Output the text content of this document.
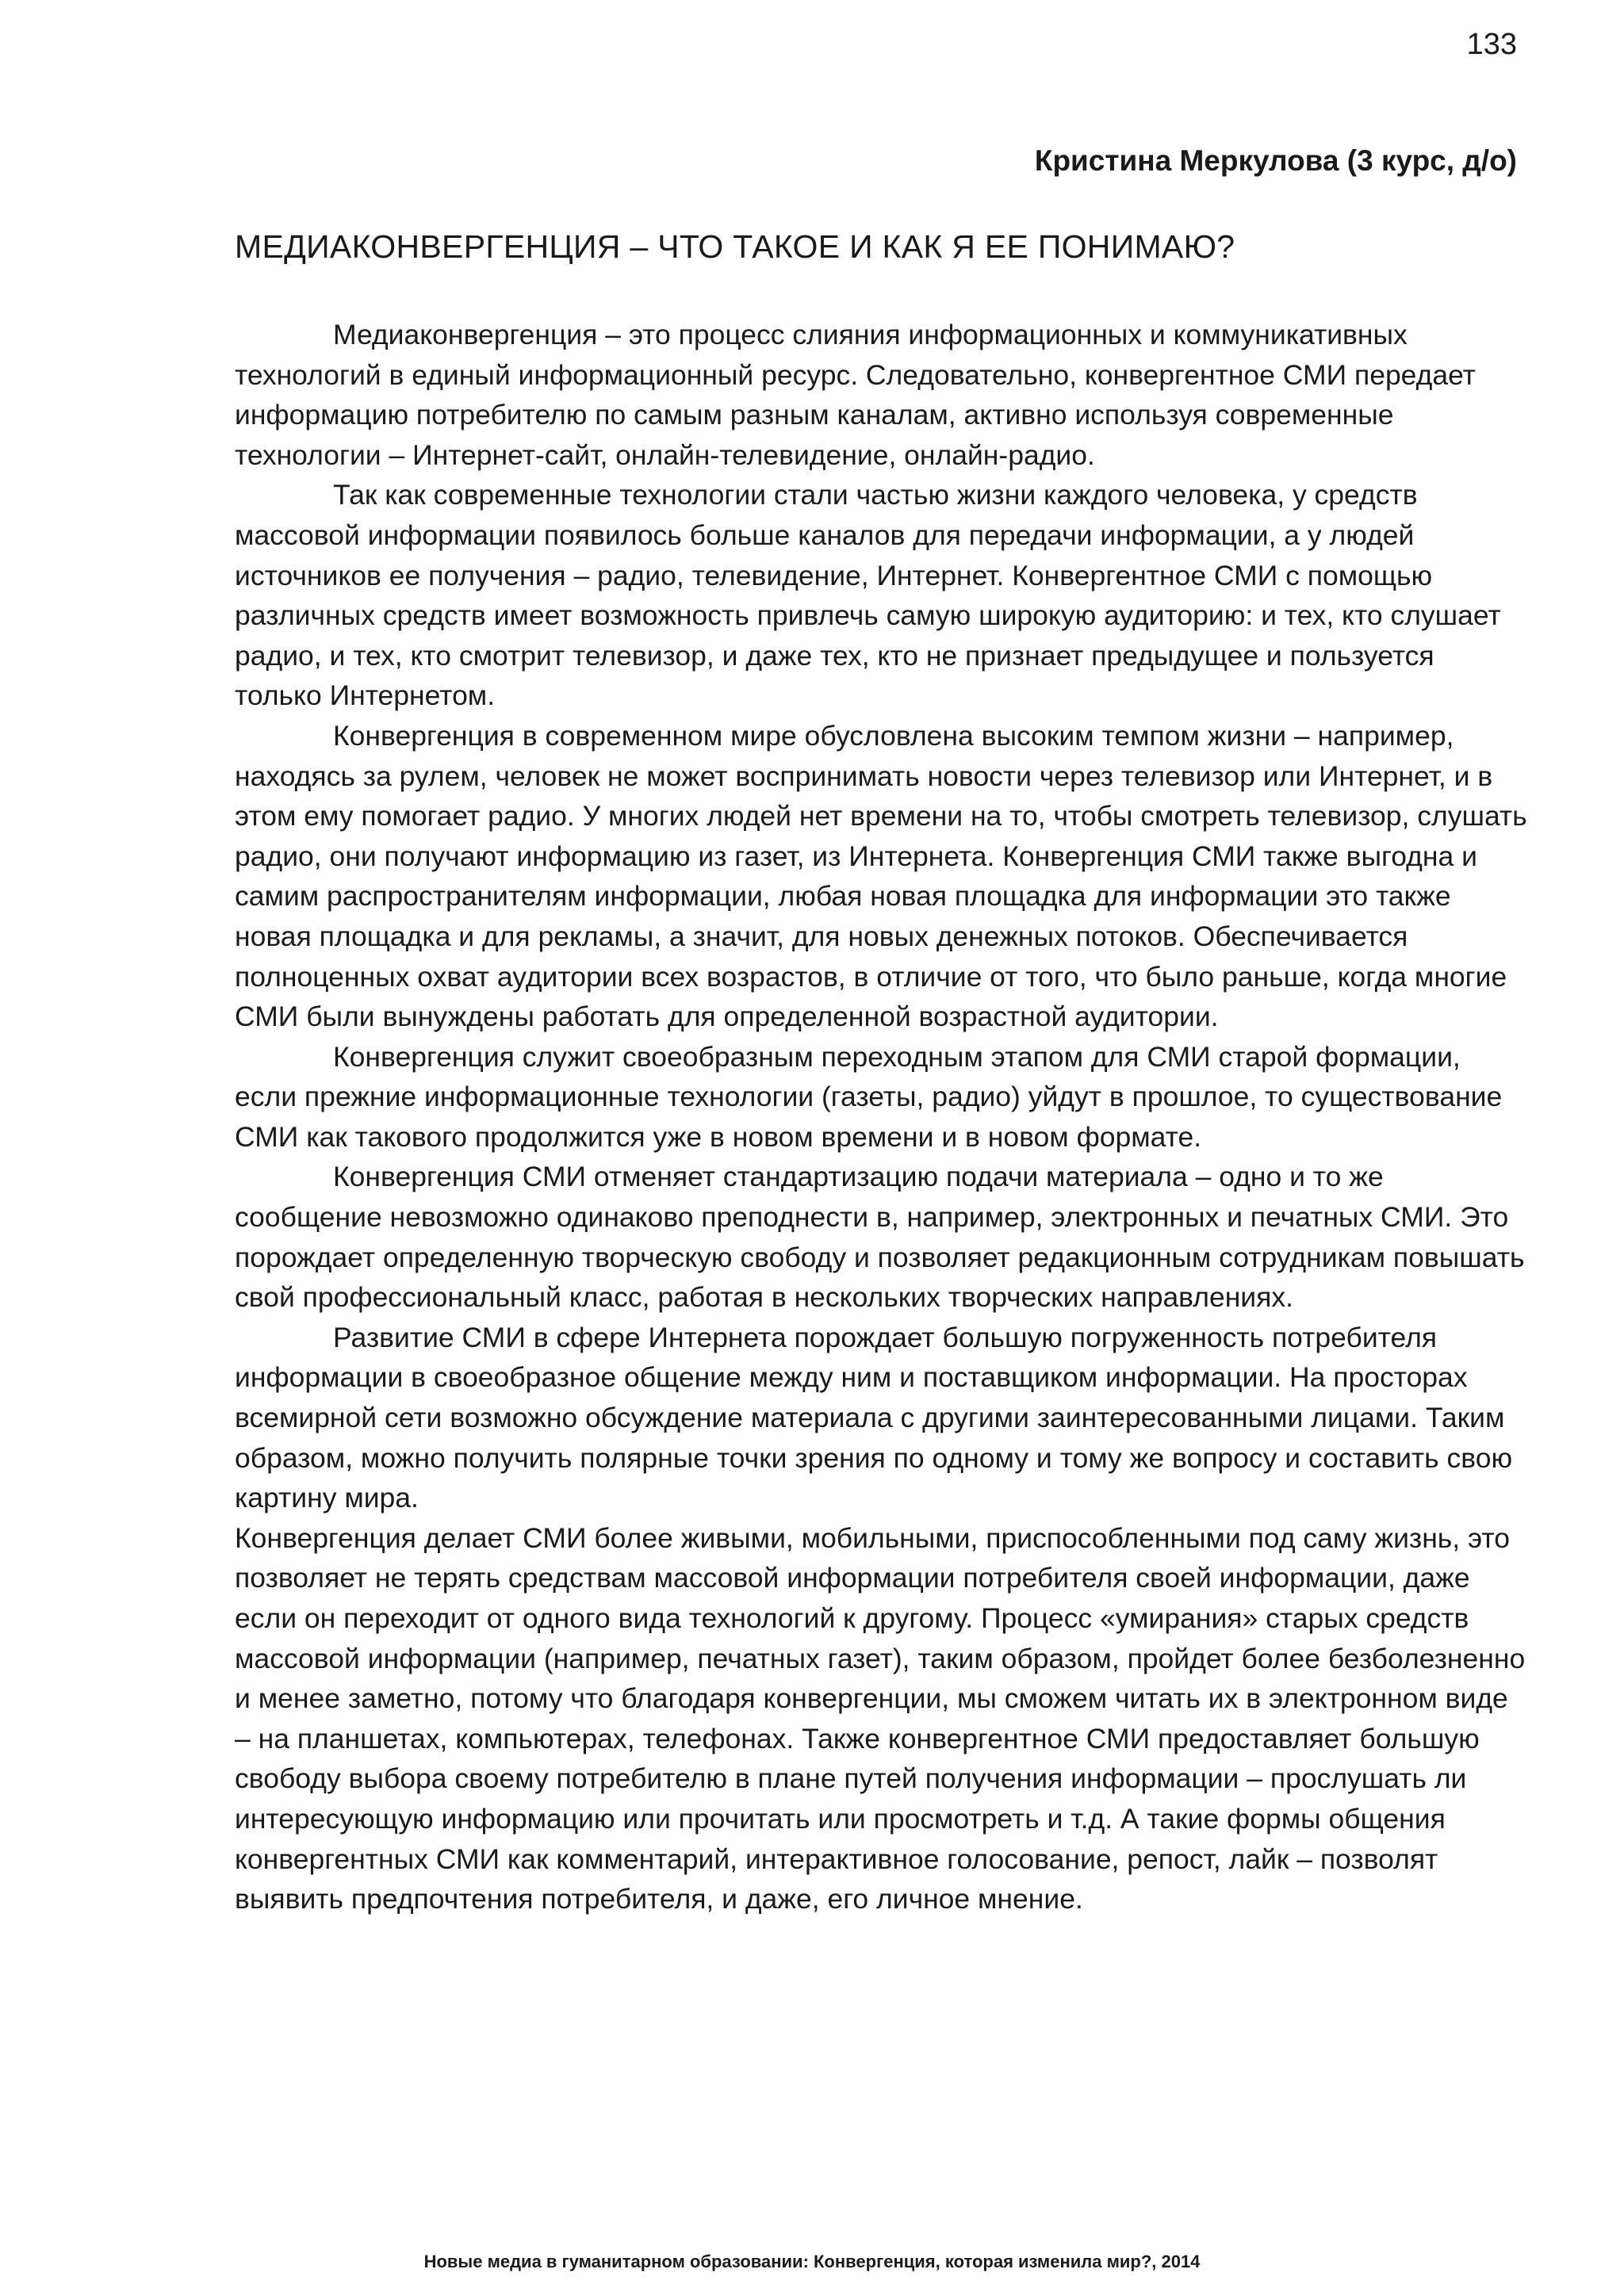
133

Кристина Меркулова (3 курс, д/о)

МЕДИАКОНВЕРГЕНЦИЯ – ЧТО ТАКОЕ И КАК Я ЕЕ ПОНИМАЮ?

Медиаконвергенция – это процесс слияния информационных и коммуникативных технологий в единый информационный ресурс. Следовательно, конвергентное СМИ передает информацию потребителю по самым разным каналам, активно используя современные технологии – Интернет-сайт, онлайн-телевидение, онлайн-радио.

Так как современные технологии стали частью жизни каждого человека, у средств массовой информации появилось больше каналов для передачи информации, а у людей источников ее получения – радио, телевидение, Интернет. Конвергентное СМИ с помощью различных средств имеет возможность привлечь самую широкую аудиторию: и тех, кто слушает радио, и тех, кто смотрит телевизор, и даже тех, кто не признает предыдущее и пользуется только Интернетом.

Конвергенция в современном мире обусловлена высоким темпом жизни – например, находясь за рулем, человек не может воспринимать новости через телевизор или Интернет, и в этом ему помогает радио. У многих людей нет времени на то, чтобы смотреть телевизор, слушать радио, они получают информацию из газет, из Интернета. Конвергенция СМИ также выгодна и самим распространителям информации, любая новая площадка для информации это также новая площадка и для рекламы, а значит, для новых денежных потоков. Обеспечивается полноценных охват аудитории всех возрастов, в отличие от того, что было раньше, когда многие СМИ были вынуждены работать для определенной возрастной аудитории.

Конвергенция служит своеобразным переходным этапом для СМИ старой формации, если прежние информационные технологии (газеты, радио) уйдут в прошлое, то существование СМИ как такового продолжится уже в новом времени и в новом формате.

Конвергенция СМИ отменяет стандартизацию подачи материала – одно и то же сообщение невозможно одинаково преподнести в, например, электронных и печатных СМИ. Это порождает определенную творческую свободу и позволяет редакционным сотрудникам повышать свой профессиональный класс, работая в нескольких творческих направлениях.

Развитие СМИ в сфере Интернета порождает большую погруженность потребителя информации в своеобразное общение между ним и поставщиком информации. На просторах всемирной сети возможно обсуждение материала с другими заинтересованными лицами. Таким образом, можно получить полярные точки зрения по одному и тому же вопросу и составить свою картину мира.

Конвергенция делает СМИ более живыми, мобильными, приспособленными под саму жизнь, это позволяет не терять средствам массовой информации потребителя своей информации, даже если он переходит от одного вида технологий к другому. Процесс «умирания» старых средств массовой информации (например, печатных газет), таким образом, пройдет более безболезненно и менее заметно, потому что благодаря конвергенции, мы сможем читать их в электронном виде – на планшетах, компьютерах, телефонах. Также конвергентное СМИ предоставляет большую свободу выбора своему потребителю в плане путей получения информации – прослушать ли интересующую информацию или прочитать или просмотреть и т.д. А такие формы общения конвергентных СМИ как комментарий, интерактивное голосование, репост, лайк – позволят выявить предпочтения потребителя, и даже, его личное мнение.

Новые медиа в гуманитарном образовании: Конвергенция, которая изменила мир?, 2014
